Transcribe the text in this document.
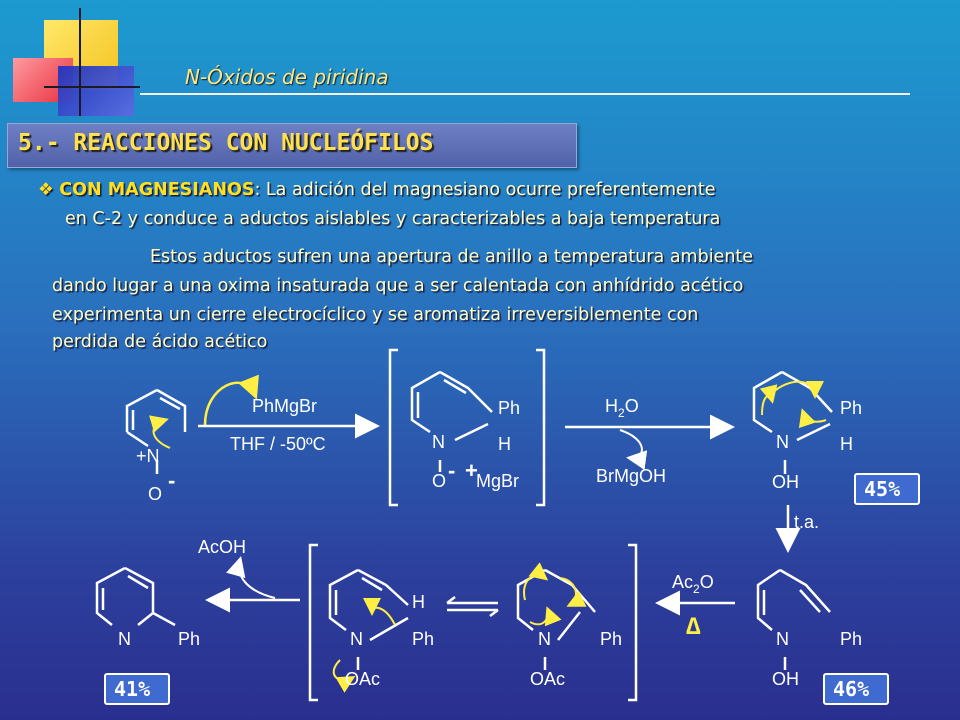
N-Óxidos de piridina
5.- REACCIONES CON NUCLEÓFILOS
❖ CON MAGNESIANOS: La adición del magnesiano ocurre preferentemente
en C-2 y conduce a aductos aislables y caracterizables a baja temperatura
Estos aductos sufren una apertura de anillo a temperatura ambiente
dando lugar a una oxima insaturada que a ser calentada con anhídrido acético
experimenta un cierre electrocíclico y se aromatiza irreversiblemente con
perdida de ácido acético
+N
O
-
PhMgBr
THF / -50ºC
Ph
H
N
O - +
MgBr
$H_2O$
BrMgOH
Ph
H
N
OH	45%
t.a.
N	Ph
OH 46%
$Ac_2O$
∆
N	Ph
OAc
H
Ph
N
OAc
AcOH
N	Ph
41%
